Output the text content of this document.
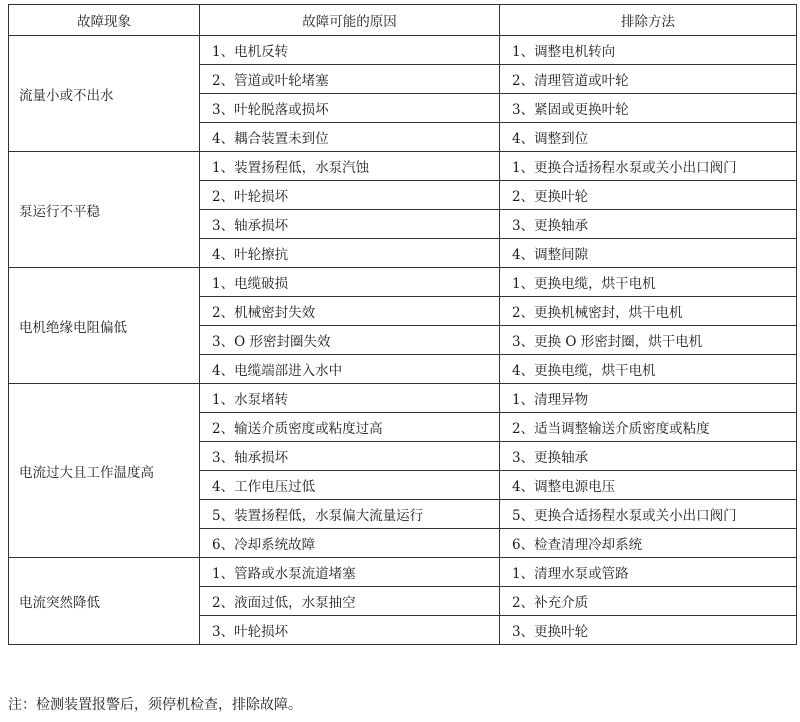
故障现象	故障可能的原因	排除方法
流量小或不出水	1、电机反转	1、调整电机转向
	2、管道或叶轮堵塞	2、清理管道或叶轮
	3、叶轮脱落或损坏	3、紧固或更换叶轮
	4、耦合装置未到位	4、调整到位
泵运行不平稳	1、装置扬程低，水泵汽蚀	1、更换合适扬程水泵或关小出口阀门
	2、叶轮损坏	2、更换叶轮
	3、轴承损坏	3、更换轴承
	4、叶轮擦抗	4、调整间隙
电机绝缘电阻偏低	1、电缆破损	1、更换电缆，烘干电机
	2、机械密封失效	2、更换机械密封，烘干电机
	3、O 形密封圈失效	3、更换 O 形密封圈，烘干电机
	4、电缆端部进入水中	4、更换电缆，烘干电机
电流过大且工作温度高	1、水泵堵转	1、清理异物
	2、输送介质密度或粘度过高	2、适当调整输送介质密度或粘度
	3、轴承损坏	3、更换轴承
	4、工作电压过低	4、调整电源电压
	5、装置扬程低，水泵偏大流量运行	5、更换合适扬程水泵或关小出口阀门
	6、冷却系统故障	6、检查清理冷却系统
电流突然降低	1、管路或水泵流道堵塞	1、清理水泵或管路
	2、液面过低，水泵抽空	2、补充介质
	3、叶轮损坏	3、更换叶轮
注：检测装置报警后，须停机检查，排除故障。
